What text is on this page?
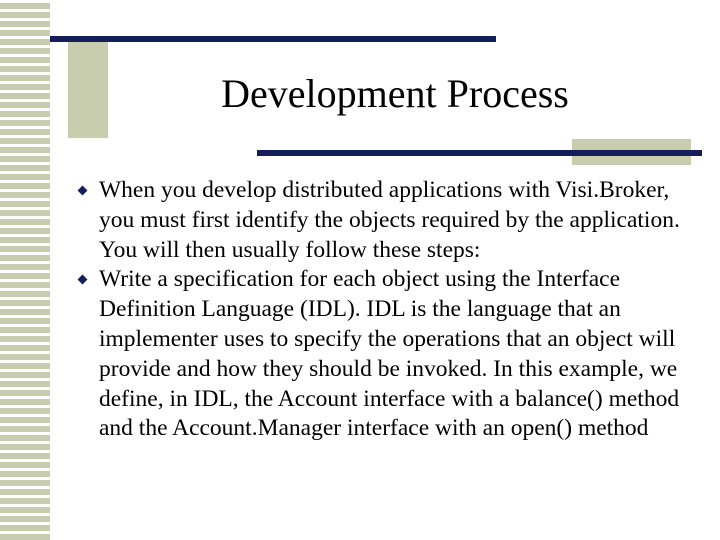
Development Process
When you develop distributed applications with Visi.Broker, you must first identify the objects required by the application. You will then usually follow these steps:
Write a specification for each object using the Interface Definition Language (IDL). IDL is the language that an implementer uses to specify the operations that an object will provide and how they should be invoked. In this example, we define, in IDL, the Account interface with a balance() method and the Account.Manager interface with an open() method
